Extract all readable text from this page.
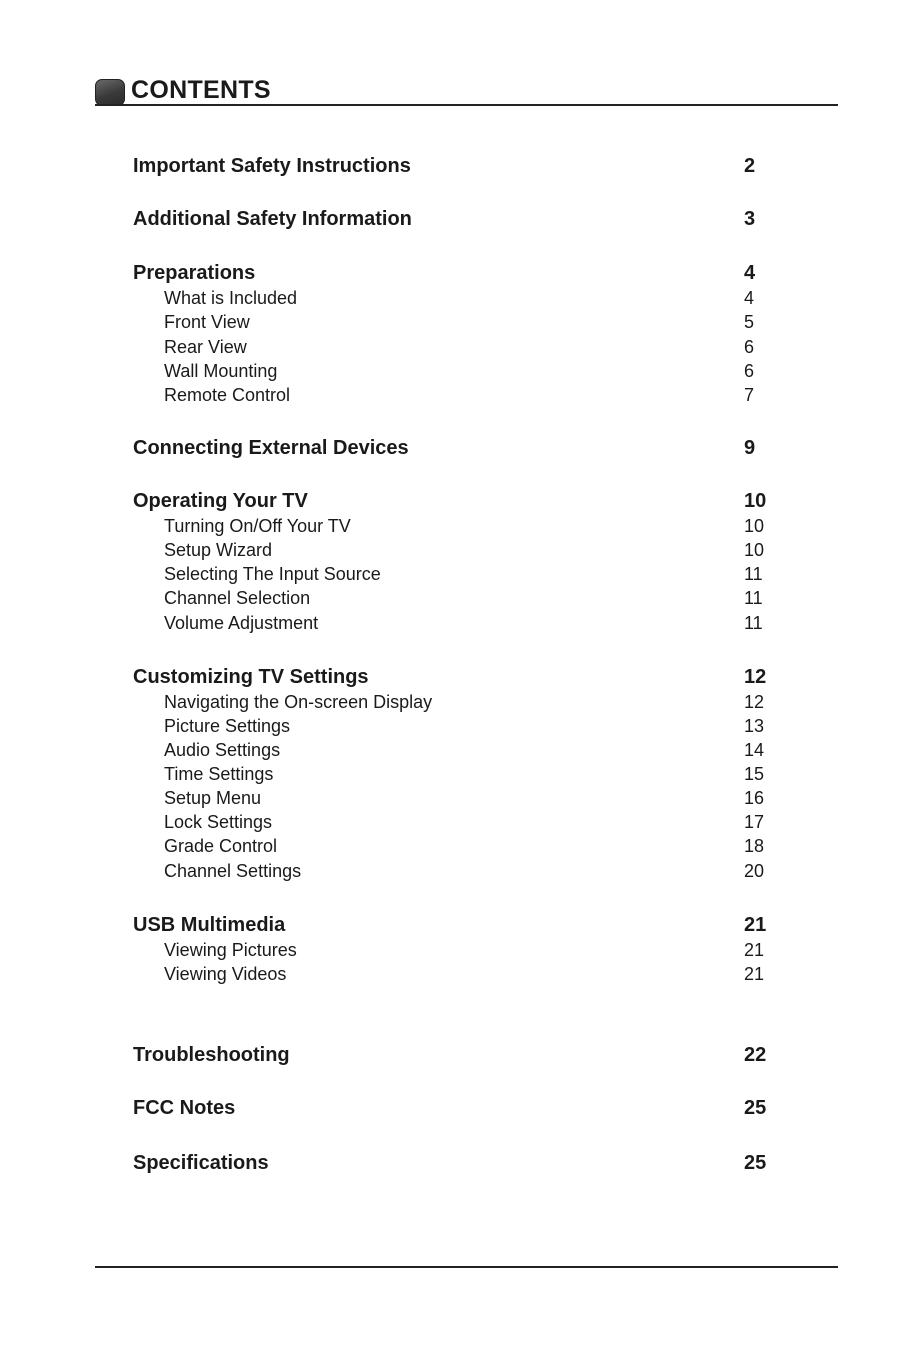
CONTENTS
Important Safety Instructions	2
Additional Safety Information	3
Preparations	4
What is Included	4
Front View	5
Rear View	6
Wall Mounting	6
Remote Control	7
Connecting External Devices	9
Operating Your TV	10
Turning On/Off Your TV	10
Setup Wizard	10
Selecting The Input Source	11
Channel Selection	11
Volume Adjustment	11
Customizing TV Settings	12
Navigating the On-screen Display	12
Picture Settings	13
Audio Settings	14
Time Settings	15
Setup Menu	16
Lock Settings	17
Grade Control	18
Channel Settings	20
USB Multimedia	21
Viewing Pictures	21
Viewing Videos	21
Troubleshooting	22
FCC Notes	25
Specifications	25
